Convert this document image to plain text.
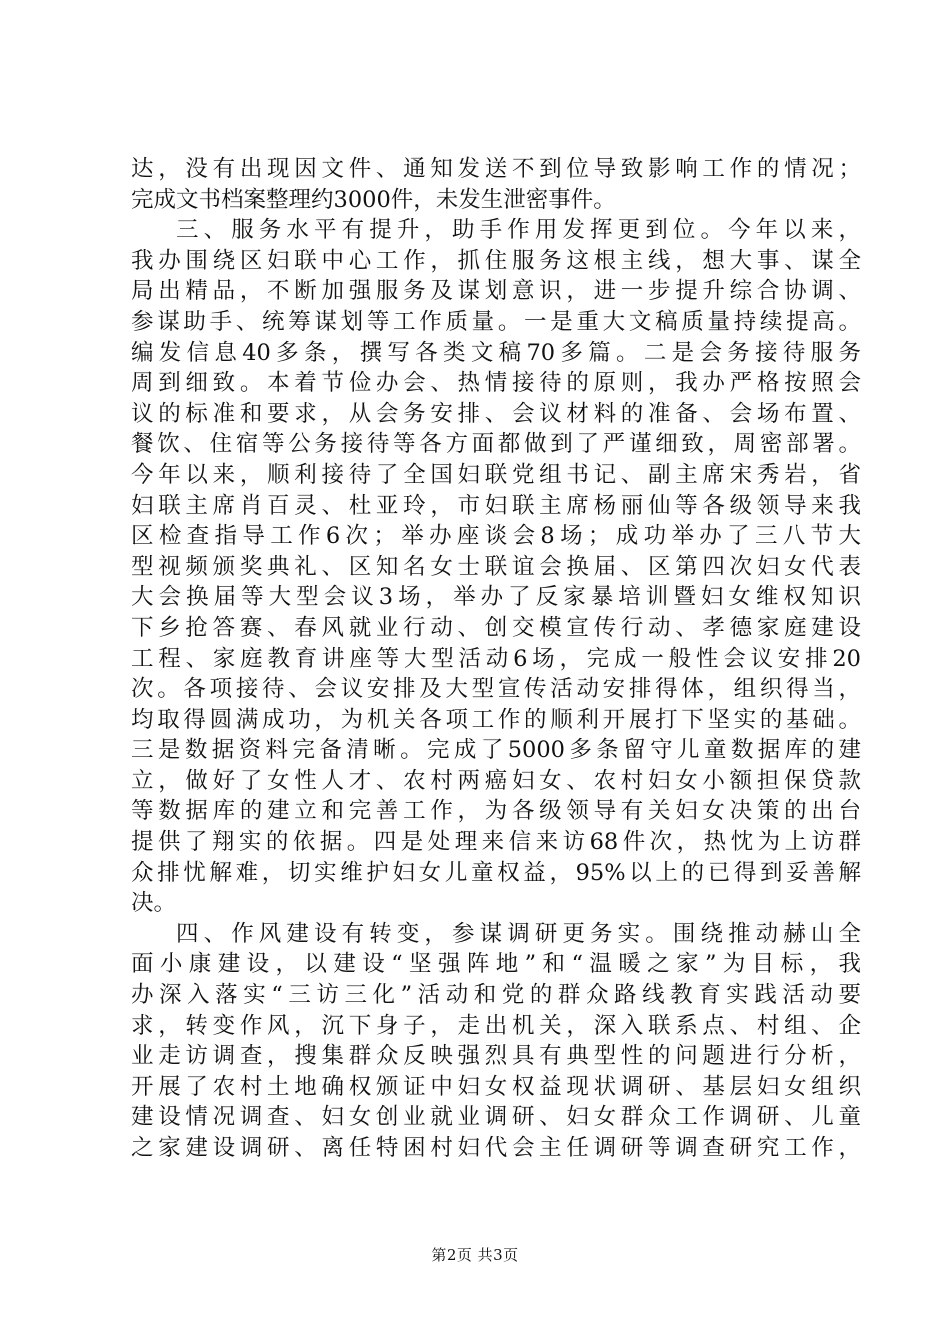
达，没有出现因文件、通知发送不到位导致影响工作的情况；
完成文书档案整理约3000件，未发生泄密事件。
三、服务水平有提升，助手作用发挥更到位。今年以来，
我办围绕区妇联中心工作，抓住服务这根主线，想大事、谋全
局出精品，不断加强服务及谋划意识，进一步提升综合协调、
参谋助手、统筹谋划等工作质量。一是重大文稿质量持续提高。
编发信息40多条，撰写各类文稿70多篇。二是会务接待服务
周到细致。本着节俭办会、热情接待的原则，我办严格按照会
议的标准和要求，从会务安排、会议材料的准备、会场布置、
餐饮、住宿等公务接待等各方面都做到了严谨细致，周密部署。
今年以来，顺利接待了全国妇联党组书记、副主席宋秀岩，省
妇联主席肖百灵、杜亚玲，市妇联主席杨丽仙等各级领导来我
区检查指导工作6次；举办座谈会8场；成功举办了三八节大
型视频颁奖典礼、区知名女士联谊会换届、区第四次妇女代表
大会换届等大型会议3场，举办了反家暴培训暨妇女维权知识
下乡抢答赛、春风就业行动、创交模宣传行动、孝德家庭建设
工程、家庭教育讲座等大型活动6场，完成一般性会议安排20
次。各项接待、会议安排及大型宣传活动安排得体，组织得当，
均取得圆满成功，为机关各项工作的顺利开展打下坚实的基础。
三是数据资料完备清晰。完成了5000多条留守儿童数据库的建
立，做好了女性人才、农村两癌妇女、农村妇女小额担保贷款
等数据库的建立和完善工作，为各级领导有关妇女决策的出台
提供了翔实的依据。四是处理来信来访68件次，热忱为上访群
众排忧解难，切实维护妇女儿童权益，95%以上的已得到妥善解
决。
四、作风建设有转变，参谋调研更务实。围绕推动赫山全
面小康建设，以建设“坚强阵地”和“温暖之家”为目标，我
办深入落实“三访三化”活动和党的群众路线教育实践活动要
求，转变作风，沉下身子，走出机关，深入联系点、村组、企
业走访调查，搜集群众反映强烈具有典型性的问题进行分析，
开展了农村土地确权颁证中妇女权益现状调研、基层妇女组织
建设情况调查、妇女创业就业调研、妇女群众工作调研、儿童
之家建设调研、离任特困村妇代会主任调研等调查研究工作，
第2页 共3页
